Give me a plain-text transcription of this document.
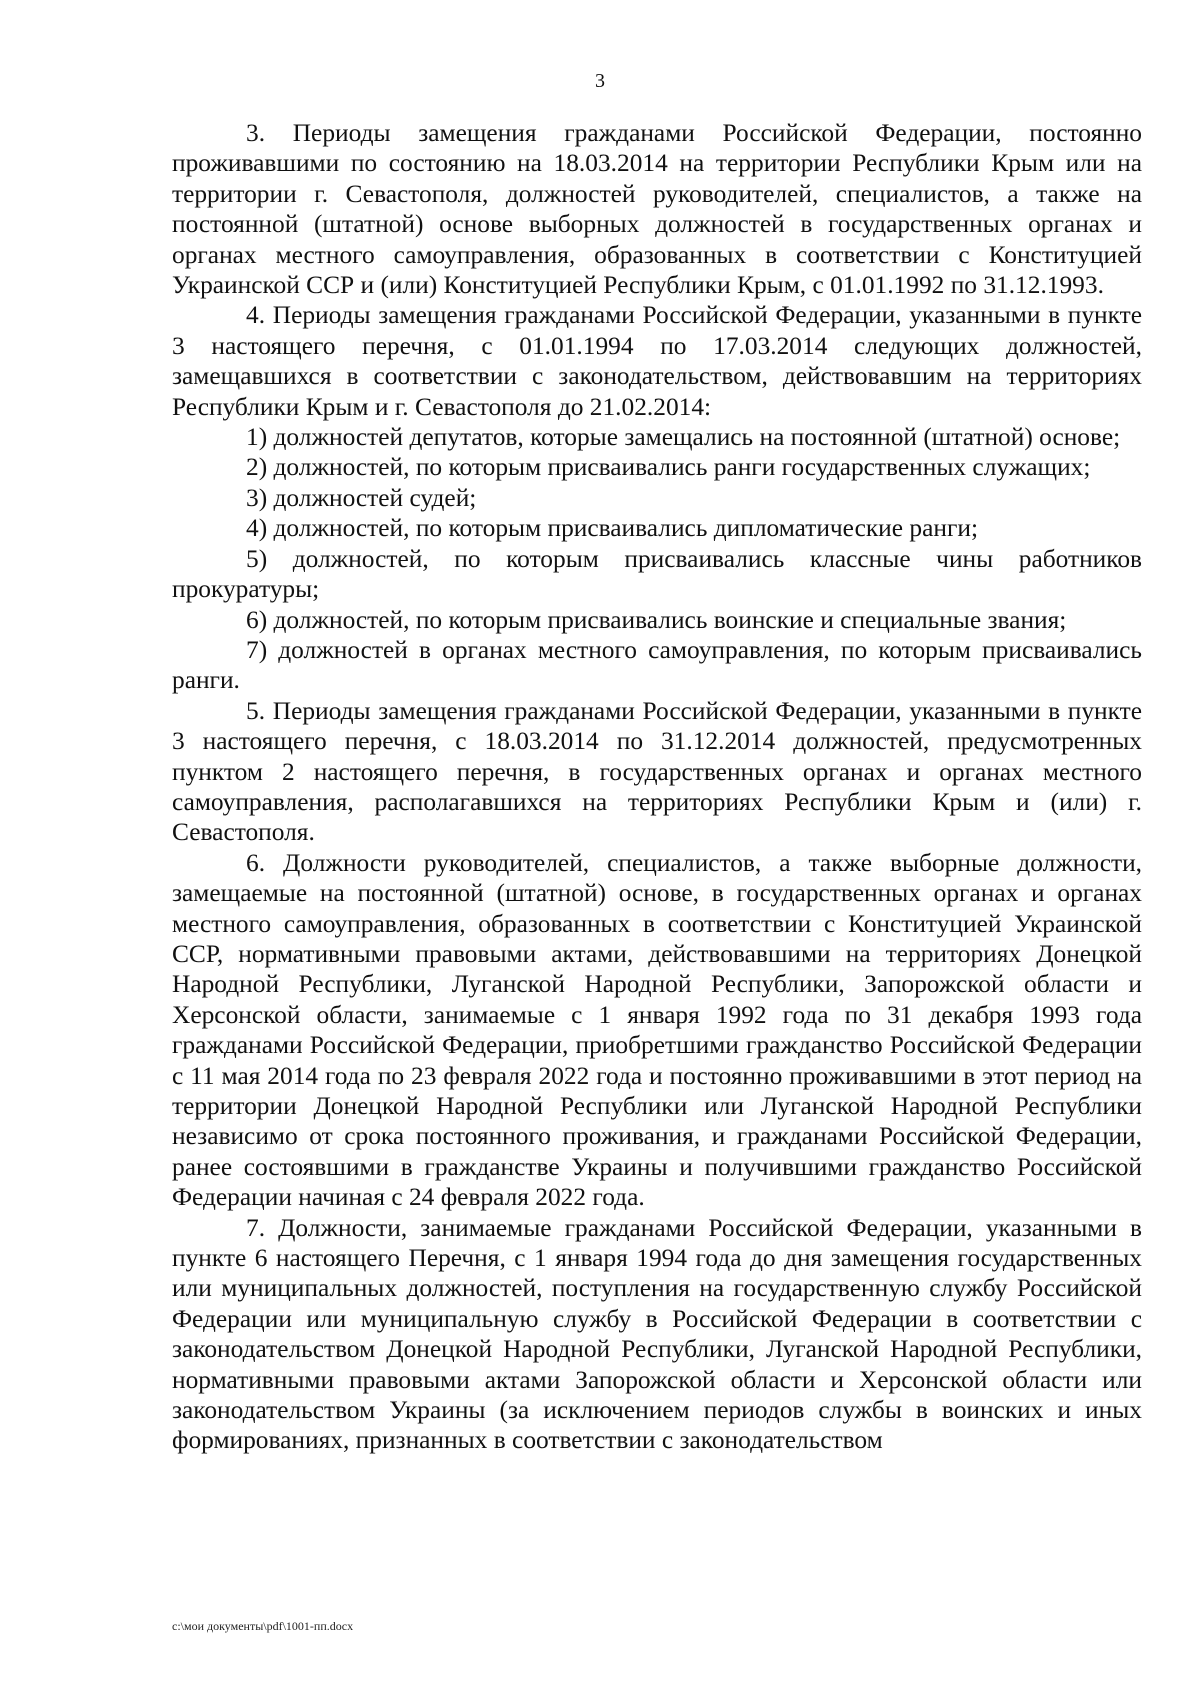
3

3. Периоды замещения гражданами Российской Федерации, постоянно проживавшими по состоянию на 18.03.2014 на территории Республики Крым или на территории г. Севастополя, должностей руководителей, специалистов, а также на постоянной (штатной) основе выборных должностей в государственных органах и органах местного самоуправления, образованных в соответствии с Конституцией Украинской ССР и (или) Конституцией Республики Крым, с 01.01.1992 по 31.12.1993.

4. Периоды замещения гражданами Российской Федерации, указанными в пункте 3 настоящего перечня, с 01.01.1994 по 17.03.2014 следующих должностей, замещавшихся в соответствии с законодательством, действовавшим на территориях Республики Крым и г. Севастополя до 21.02.2014:

1) должностей депутатов, которые замещались на постоянной (штатной) основе;

2) должностей, по которым присваивались ранги государственных служащих;

3) должностей судей;

4) должностей, по которым присваивались дипломатические ранги;

5) должностей, по которым присваивались классные чины работников прокуратуры;

6) должностей, по которым присваивались воинские и специальные звания;

7) должностей в органах местного самоуправления, по которым присваивались ранги.

5. Периоды замещения гражданами Российской Федерации, указанными в пункте 3 настоящего перечня, с 18.03.2014 по 31.12.2014 должностей, предусмотренных пунктом 2 настоящего перечня, в государственных органах и органах местного самоуправления, располагавшихся на территориях Республики Крым и (или) г. Севастополя.

6. Должности руководителей, специалистов, а также выборные должности, замещаемые на постоянной (штатной) основе, в государственных органах и органах местного самоуправления, образованных в соответствии с Конституцией Украинской ССР, нормативными правовыми актами, действовавшими на территориях Донецкой Народной Республики, Луганской Народной Республики, Запорожской области и Херсонской области, занимаемые с 1 января 1992 года по 31 декабря 1993 года гражданами Российской Федерации, приобретшими гражданство Российской Федерации с 11 мая 2014 года по 23 февраля 2022 года и постоянно проживавшими в этот период на территории Донецкой Народной Республики или Луганской Народной Республики независимо от срока постоянного проживания, и гражданами Российской Федерации, ранее состоявшими в гражданстве Украины и получившими гражданство Российской Федерации начиная с 24 февраля 2022 года.

7. Должности, занимаемые гражданами Российской Федерации, указанными в пункте 6 настоящего Перечня, с 1 января 1994 года до дня замещения государственных или муниципальных должностей, поступления на государственную службу Российской Федерации или муниципальную службу в Российской Федерации в соответствии с законодательством Донецкой Народной Республики, Луганской Народной Республики, нормативными правовыми актами Запорожской области и Херсонской области или законодательством Украины (за исключением периодов службы в воинских и иных формированиях, признанных в соответствии с законодательством

с:\мои документы\pdf\1001-пп.docx
